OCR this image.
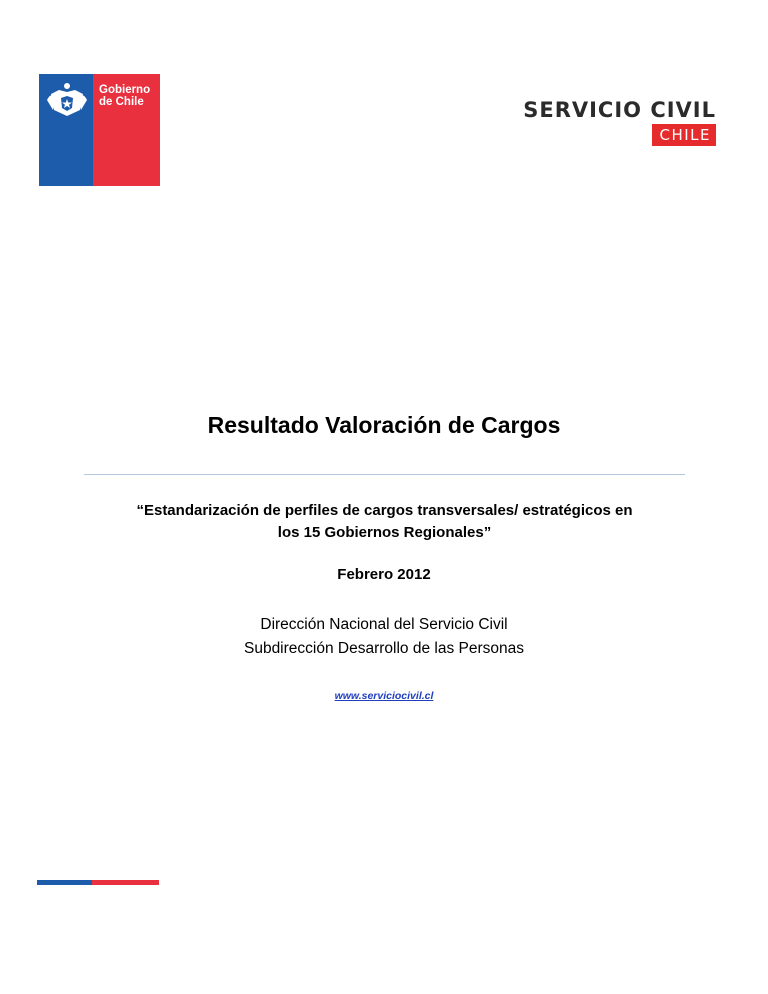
Gobierno
de Chile	SERVICIO CIVIL
CHILE
Resultado Valoración de Cargos
“Estandarización de perfiles de cargos transversales/ estratégicos en
los 15 Gobiernos Regionales”
Febrero 2012
Dirección Nacional del Servicio Civil
Subdirección Desarrollo de las Personas
www.serviciocivil.cl
